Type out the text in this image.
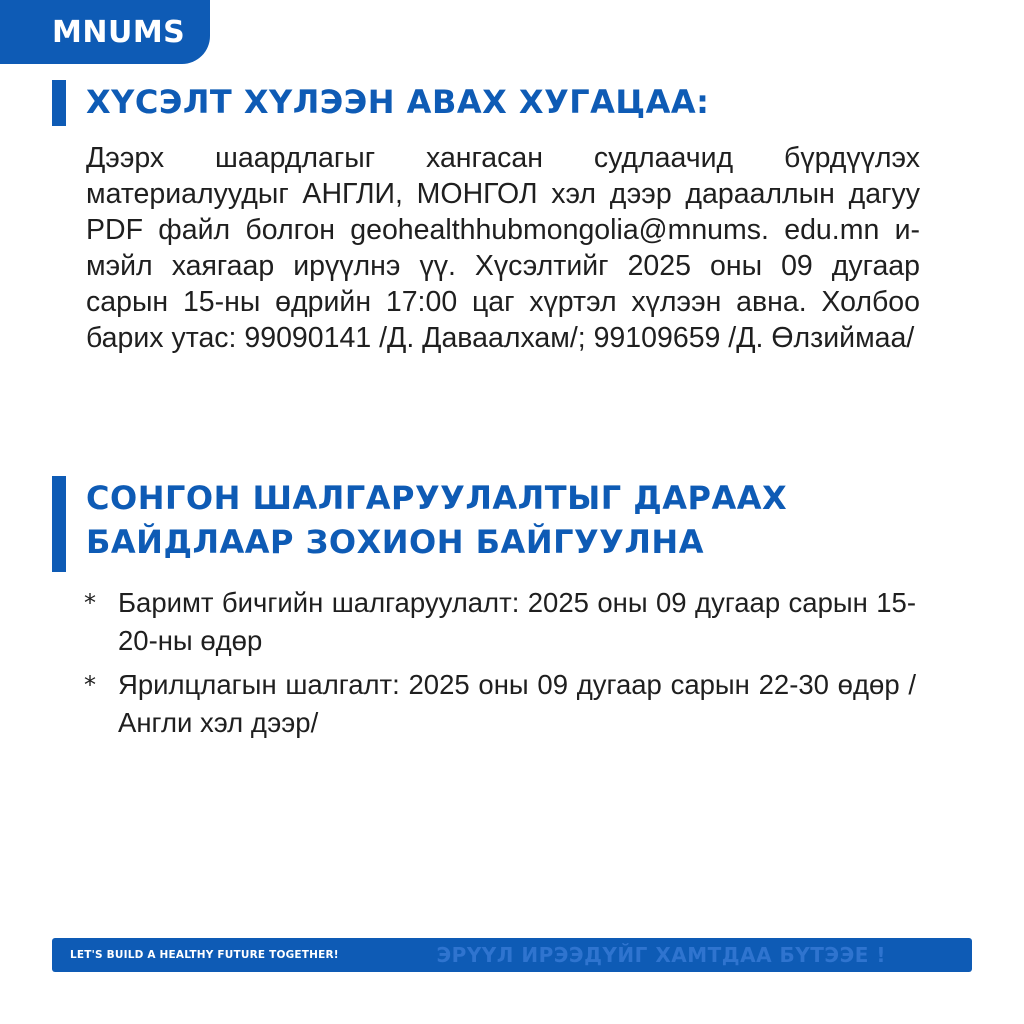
MNUMS
ХҮСЭЛТ ХҮЛЭЭН АВАХ ХУГАЦАА:

Дээрх шаардлагыг хангасан судлаачид бүрдүүлэх материалуудыг АНГЛИ, МОНГОЛ хэл дээр дарааллын дагуу PDF файл болгон geohealthhubmongolia@mnums. edu.mn и-мэйл хаягаар ирүүлнэ үү. Хүсэлтийг 2025 оны 09 дугаар сарын 15-ны өдрийн 17:00 цаг хүртэл хүлээн авна. Холбоо барих утас: 99090141 /Д. Даваалхам/; 99109659 /Д. Өлзиймаа/

СОНГОН ШАЛГАРУУЛАЛТЫГ ДАРААХ
БАЙДЛААР ЗОХИОН БАЙГУУЛНА
* Баримт бичгийн шалгаруулалт: 2025 оны 09 дугаар сарын 15-20-ны өдөр
* Ярилцлагын шалгалт: 2025 оны 09 дугаар сарын 22-30 өдөр /Англи хэл дээр/
LET'S BUILD A HEALTHY FUTURE TOGETHER!	ЭРҮҮЛ ИРЭЭДҮЙГ ХАМТДАА БҮТЭЭЕ !
